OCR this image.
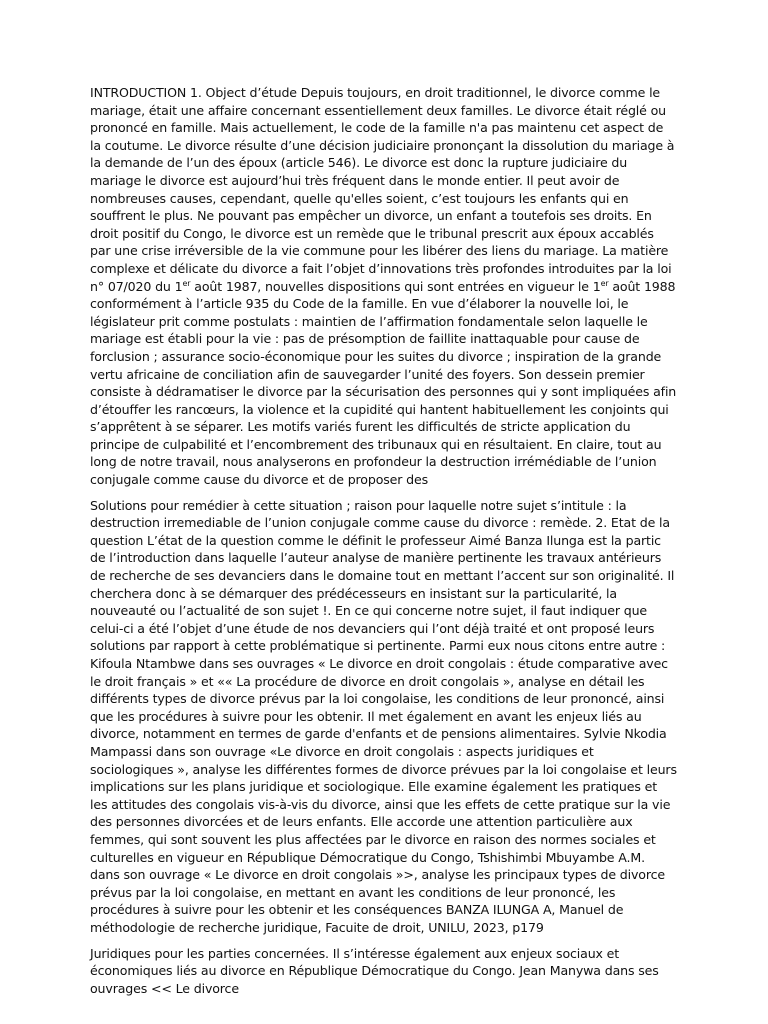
INTRODUCTION 1. Object d’étude Depuis toujours, en droit traditionnel, le divorce comme le mariage, était une affaire concernant essentiellement deux familles. Le divorce était réglé ou prononcé en famille. Mais actuellement, le code de la famille n'a pas maintenu cet aspect de la coutume. Le divorce résulte d’une décision judiciaire prononçant la dissolution du mariage à la demande de l’un des époux (article 546). Le divorce est donc la rupture judiciaire du mariage le divorce est aujourd’hui très fréquent dans le monde entier. Il peut avoir de nombreuses causes, cependant, quelle qu'elles soient, c’est toujours les enfants qui en souffrent le plus. Ne pouvant pas empêcher un divorce, un enfant a toutefois ses droits. En droit positif du Congo, le divorce est un remède que le tribunal prescrit aux époux accablés par une crise irréversible de la vie commune pour les libérer des liens du mariage. La matière complexe et délicate du divorce a fait l’objet d’innovations très profondes introduites par la loi n° 07/020 du 1er août 1987, nouvelles dispositions qui sont entrées en vigueur le 1er août 1988 conformément à l’article 935 du Code de la famille. En vue d’élaborer la nouvelle loi, le législateur prit comme postulats : maintien de l’affirmation fondamentale selon laquelle le mariage est établi pour la vie : pas de présomption de faillite inattaquable pour cause de forclusion ; assurance socio-économique pour les suites du divorce ; inspiration de la grande vertu africaine de conciliation afin de sauvegarder l’unité des foyers. Son dessein premier consiste à dédramatiser le divorce par la sécurisation des personnes qui y sont impliquées afin d’étouffer les rancœurs, la violence et la cupidité qui hantent habituellement les conjoints qui s’apprêtent à se séparer. Les motifs variés furent les difficultés de stricte application du principe de culpabilité et l’encombrement des tribunaux qui en résultaient. En claire, tout au long de notre travail, nous analyserons en profondeur la destruction irrémédiable de l’union conjugale comme cause du divorce et de proposer des

Solutions pour remédier à cette situation ; raison pour laquelle notre sujet s’intitule : la destruction irremediable de l’union conjugale comme cause du divorce : remède. 2. Etat de la question L’état de la question comme le définit le professeur Aimé Banza Ilunga est la partic de l’introduction dans laquelle l’auteur analyse de manière pertinente les travaux antérieurs de recherche de ses devanciers dans le domaine tout en mettant l’accent sur son originalité. Il cherchera donc à se démarquer des prédécesseurs en insistant sur la particularité, la nouveauté ou l’actualité de son sujet !. En ce qui concerne notre sujet, il faut indiquer que celui-ci a été l’objet d’une étude de nos devanciers qui l’ont déjà traité et ont proposé leurs solutions par rapport à cette problématique si pertinente. Parmi eux nous citons entre autre : Kifoula Ntambwe dans ses ouvrages « Le divorce en droit congolais : étude comparative avec le droit français » et «« La procédure de divorce en droit congolais », analyse en détail les différents types de divorce prévus par la loi congolaise, les conditions de leur prononcé, ainsi que les procédures à suivre pour les obtenir. Il met également en avant les enjeux liés au divorce, notamment en termes de garde d'enfants et de pensions alimentaires. Sylvie Nkodia Mampassi dans son ouvrage «Le divorce en droit congolais : aspects juridiques et sociologiques », analyse les différentes formes de divorce prévues par la loi congolaise et leurs implications sur les plans juridique et sociologique. Elle examine également les pratiques et les attitudes des congolais vis-à-vis du divorce, ainsi que les effets de cette pratique sur la vie des personnes divorcées et de leurs enfants. Elle accorde une attention particulière aux femmes, qui sont souvent les plus affectées par le divorce en raison des normes sociales et culturelles en vigueur en République Démocratique du Congo, Tshishimbi Mbuyambe A.M. dans son ouvrage « Le divorce en droit congolais »>, analyse les principaux types de divorce prévus par la loi congolaise, en mettant en avant les conditions de leur prononcé, les procédures à suivre pour les obtenir et les conséquences BANZA ILUNGA A, Manuel de méthodologie de recherche juridique, Facuite de droit, UNILU, 2023, p179

Juridiques pour les parties concernées. Il s’intéresse également aux enjeux sociaux et économiques liés au divorce en République Démocratique du Congo. Jean Manywa dans ses ouvrages << Le divorce
